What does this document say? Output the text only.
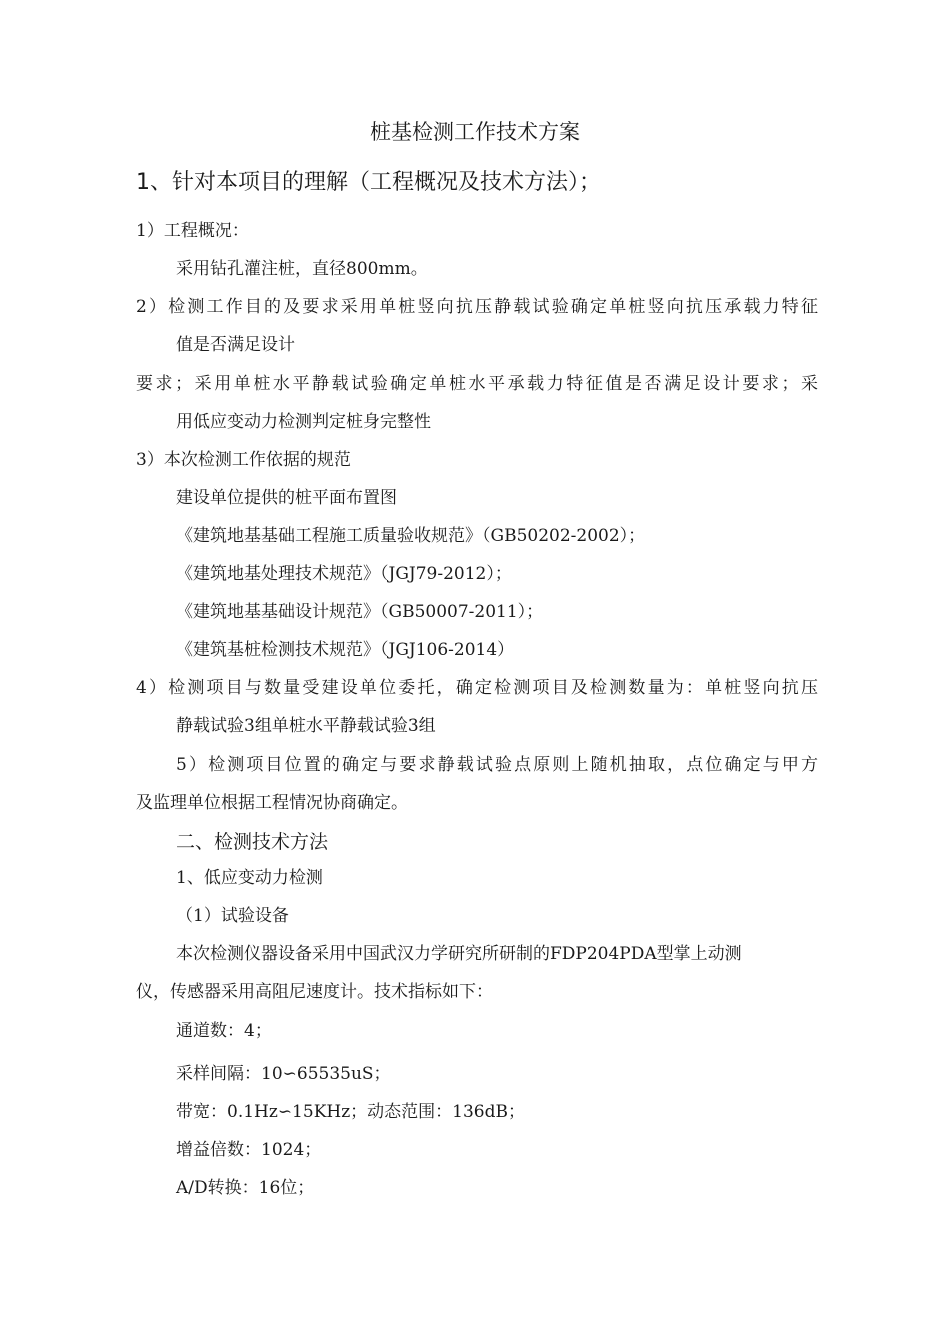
桩基检测工作技术方案
1、针对本项目的理解（工程概况及技术方法）；

1）工程概况：

采用钻孔灌注桩，直径800mm。

2）检测工作目的及要求采用单桩竖向抗压静载试验确定单桩竖向抗压承载力特征

值是否满足设计

要求；采用单桩水平静载试验确定单桩水平承载力特征值是否满足设计要求；采

用低应变动力检测判定桩身完整性

3）本次检测工作依据的规范

建设单位提供的桩平面布置图

《建筑地基基础工程施工质量验收规范》（GB50202-2002）；

《建筑地基处理技术规范》（JGJ79-2012）；

《建筑地基基础设计规范》（GB50007-2011）；

《建筑基桩检测技术规范》（JGJ106-2014）

4）检测项目与数量受建设单位委托，确定检测项目及检测数量为：单桩竖向抗压

静载试验3组单桩水平静载试验3组

5）检测项目位置的确定与要求静载试验点原则上随机抽取，点位确定与甲方

及监理单位根据工程情况协商确定。

二、检测技术方法

1、低应变动力检测

（1）试验设备

本次检测仪器设备采用中国武汉力学研究所研制的FDP204PDA型掌上动测

仪，传感器采用高阻尼速度计。技术指标如下：

通道数：4；

采样间隔：10∽65535uS；

带宽：0.1Hz∽15KHz；动态范围：136dB；

增益倍数：1024；

A/D转换：16位；
